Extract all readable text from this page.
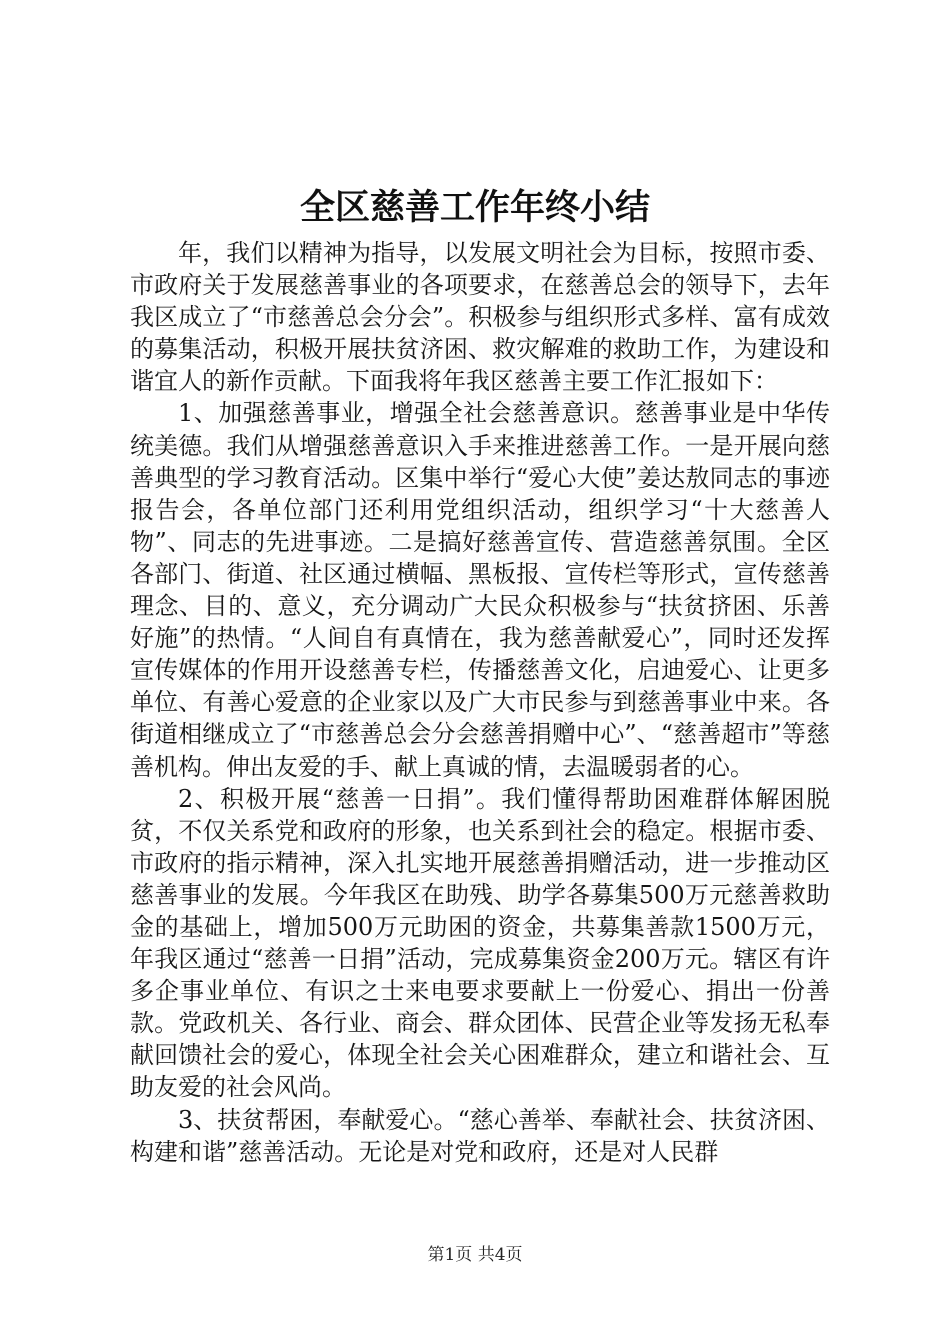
全区慈善工作年终小结

年，我们以精神为指导，以发展文明社会为目标，按照市委、市政府关于发展慈善事业的各项要求，在慈善总会的领导下，去年我区成立了“市慈善总会分会”。积极参与组织形式多样、富有成效的募集活动，积极开展扶贫济困、救灾解难的救助工作，为建设和谐宜人的新作贡献。下面我将年我区慈善主要工作汇报如下：

1、加强慈善事业，增强全社会慈善意识。慈善事业是中华传统美德。我们从增强慈善意识入手来推进慈善工作。一是开展向慈善典型的学习教育活动。区集中举行“爱心大使”姜达敖同志的事迹报告会，各单位部门还利用党组织活动，组织学习“十大慈善人物”、同志的先进事迹。二是搞好慈善宣传、营造慈善氛围。全区各部门、街道、社区通过横幅、黑板报、宣传栏等形式，宣传慈善理念、目的、意义，充分调动广大民众积极参与“扶贫挤困、乐善好施”的热情。“人间自有真情在，我为慈善献爱心”，同时还发挥宣传媒体的作用开设慈善专栏，传播慈善文化，启迪爱心、让更多单位、有善心爱意的企业家以及广大市民参与到慈善事业中来。各街道相继成立了“市慈善总会分会慈善捐赠中心”、“慈善超市”等慈善机构。伸出友爱的手、献上真诚的情，去温暖弱者的心。

2、积极开展“慈善一日捐”。我们懂得帮助困难群体解困脱贫，不仅关系党和政府的形象，也关系到社会的稳定。根据市委、市政府的指示精神，深入扎实地开展慈善捐赠活动，进一步推动区慈善事业的发展。今年我区在助残、助学各募集500万元慈善救助金的基础上，增加500万元助困的资金，共募集善款1500万元，年我区通过“慈善一日捐”活动，完成募集资金200万元。辖区有许多企事业单位、有识之士来电要求要献上一份爱心、捐出一份善款。党政机关、各行业、商会、群众团体、民营企业等发扬无私奉献回馈社会的爱心，体现全社会关心困难群众，建立和谐社会、互助友爱的社会风尚。

3、扶贫帮困，奉献爱心。“慈心善举、奉献社会、扶贫济困、构建和谐”慈善活动。无论是对党和政府，还是对人民群

第1页 共4页
